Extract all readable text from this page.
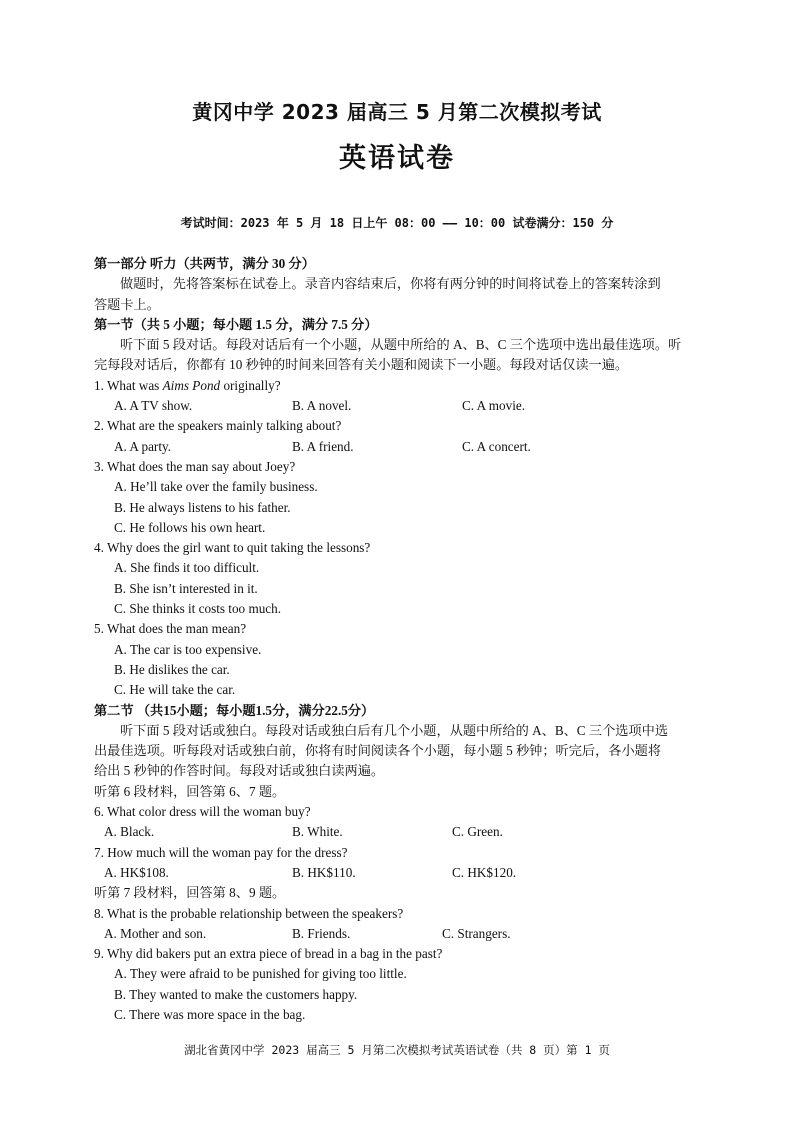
黄冈中学 2023 届高三 5 月第二次模拟考试
英语试卷
考试时间：2023 年 5 月 18 日上午 08：00 —— 10：00 试卷满分：150 分
第一部分 听力（共两节，满分 30 分）
做题时，先将答案标在试卷上。录音内容结束后，你将有两分钟的时间将试卷上的答案转涂到
答题卡上。
第一节（共 5 小题；每小题 1.5 分，满分 7.5 分）
听下面 5 段对话。每段对话后有一个小题，从题中所给的 A、B、C 三个选项中选出最佳选项。听
完每段对话后，你都有 10 秒钟的时间来回答有关小题和阅读下一小题。每段对话仅读一遍。
1. What was Aims Pond originally?
A. A TV show.	B. A novel.	C. A movie.
2. What are the speakers mainly talking about?
A. A party.	B. A friend.	C. A concert.
3. What does the man say about Joey?
A. He’ll take over the family business.
B. He always listens to his father.
C. He follows his own heart.
4. Why does the girl want to quit taking the lessons?
A. She finds it too difficult.
B. She isn’t interested in it.
C. She thinks it costs too much.
5. What does the man mean?
A. The car is too expensive.
B. He dislikes the car.
C. He will take the car.
第二节 （共15小题；每小题1.5分，满分22.5分）
听下面 5 段对话或独白。每段对话或独白后有几个小题，从题中所给的 A、B、C 三个选项中选
出最佳选项。听每段对话或独白前，你将有时间阅读各个小题，每小题 5 秒钟；听完后，各小题将
给出 5 秒钟的作答时间。每段对话或独白读两遍。
听第 6 段材料，回答第 6、7 题。
6. What color dress will the woman buy?
A. Black.	B. White.	C. Green.
7. How much will the woman pay for the dress?
A. HK$108.	B. HK$110.	C. HK$120.
听第 7 段材料，回答第 8、9 题。
8. What is the probable relationship between the speakers?
A. Mother and son.	B. Friends.	C. Strangers.
9. Why did bakers put an extra piece of bread in a bag in the past?
A. They were afraid to be punished for giving too little.
B. They wanted to make the customers happy.
C. There was more space in the bag.
湖北省黄冈中学 2023 届高三 5 月第二次模拟考试英语试卷（共 8 页）第 1 页
